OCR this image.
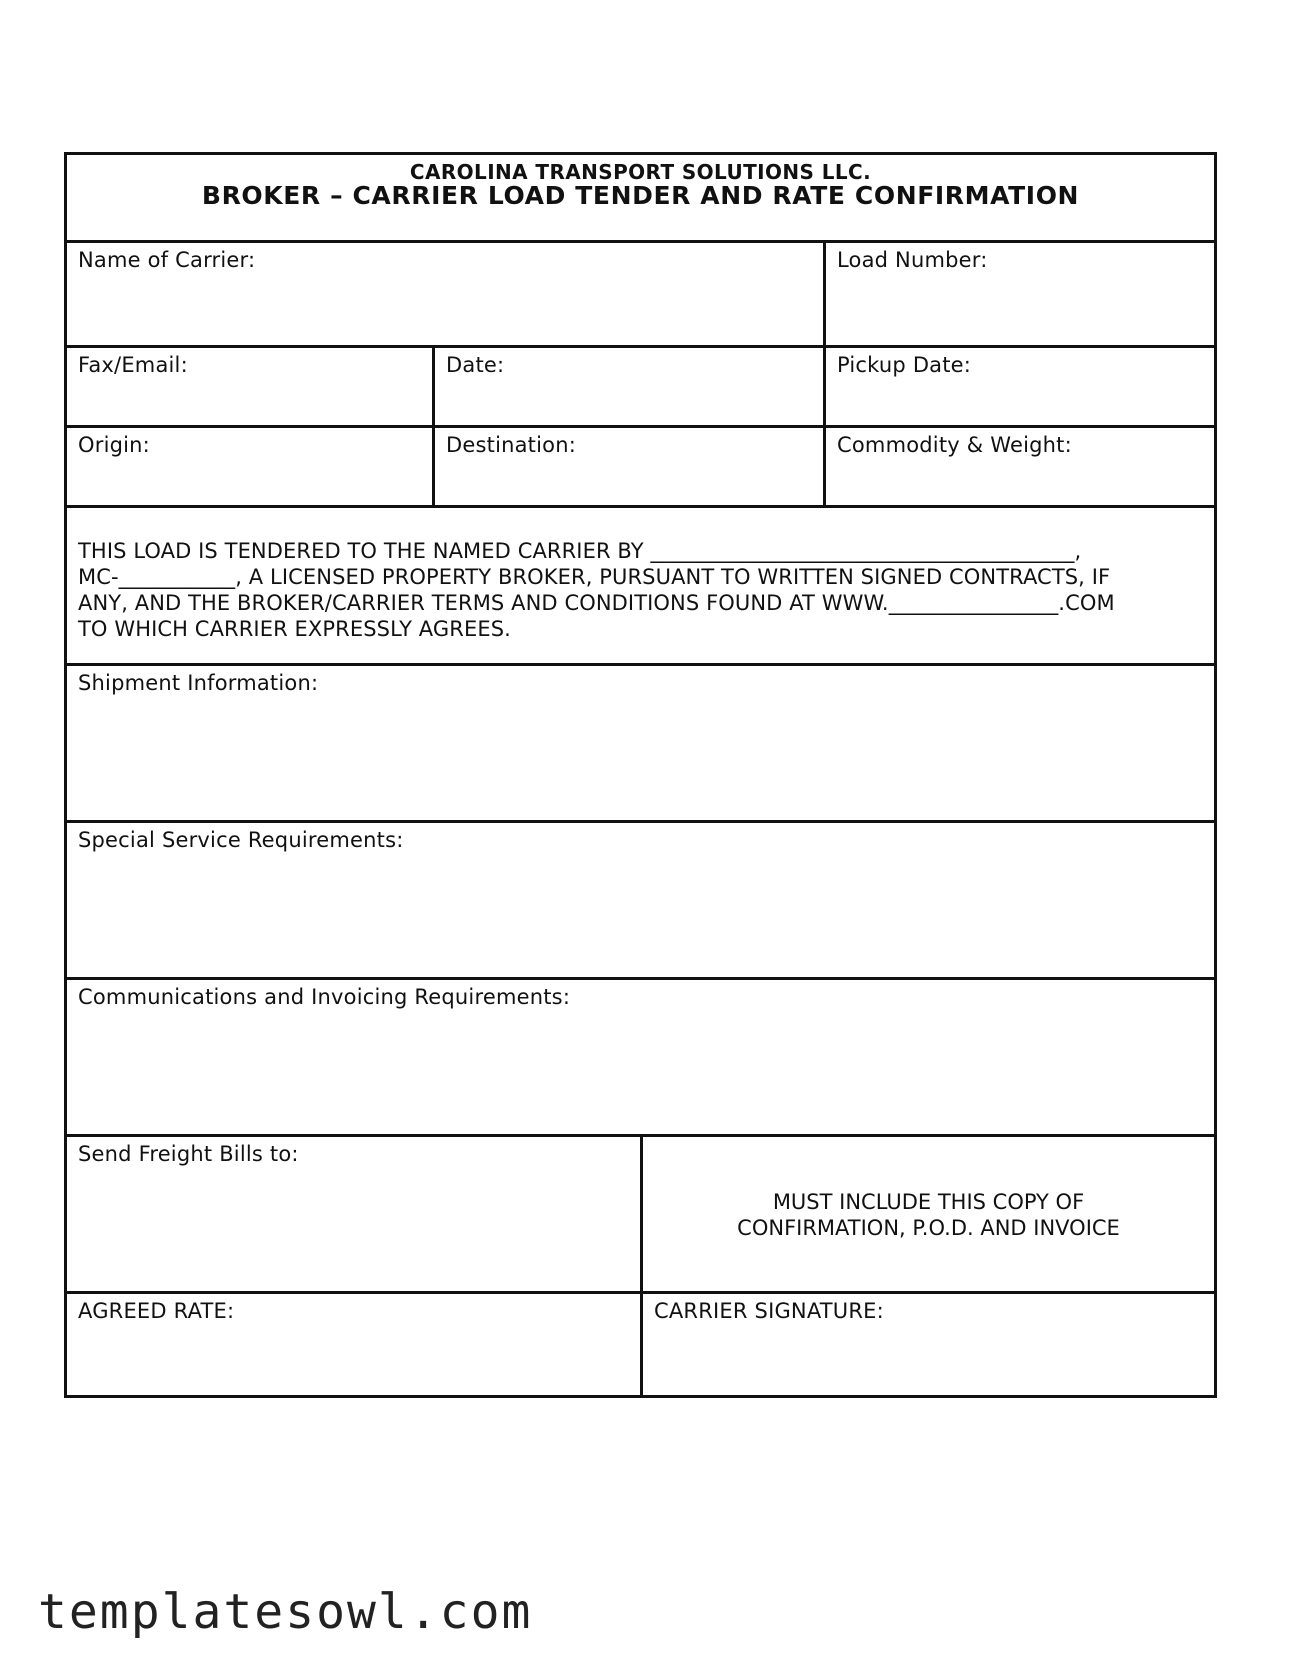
CAROLINA TRANSPORT SOLUTIONS LLC.
BROKER – CARRIER LOAD TENDER AND RATE CONFIRMATION
Name of Carrier:	Load Number:
Fax/Email:	Date:	Pickup Date:
Origin:	Destination:	Commodity & Weight:

THIS LOAD IS TENDERED TO THE NAMED CARRIER BY ________________________________________,

MC-___________, A LICENSED PROPERTY BROKER, PURSUANT TO WRITTEN SIGNED CONTRACTS, IF

ANY, AND THE BROKER/CARRIER TERMS AND CONDITIONS FOUND AT WWW.________________.COM

TO WHICH CARRIER EXPRESSLY AGREES.

Shipment Information:
Special Service Requirements:
Communications and Invoicing Requirements:
Send Freight Bills to:

MUST INCLUDE THIS COPY OF

CONFIRMATION, P.O.D. AND INVOICE

AGREED RATE:	CARRIER SIGNATURE:
templatesowl.com
